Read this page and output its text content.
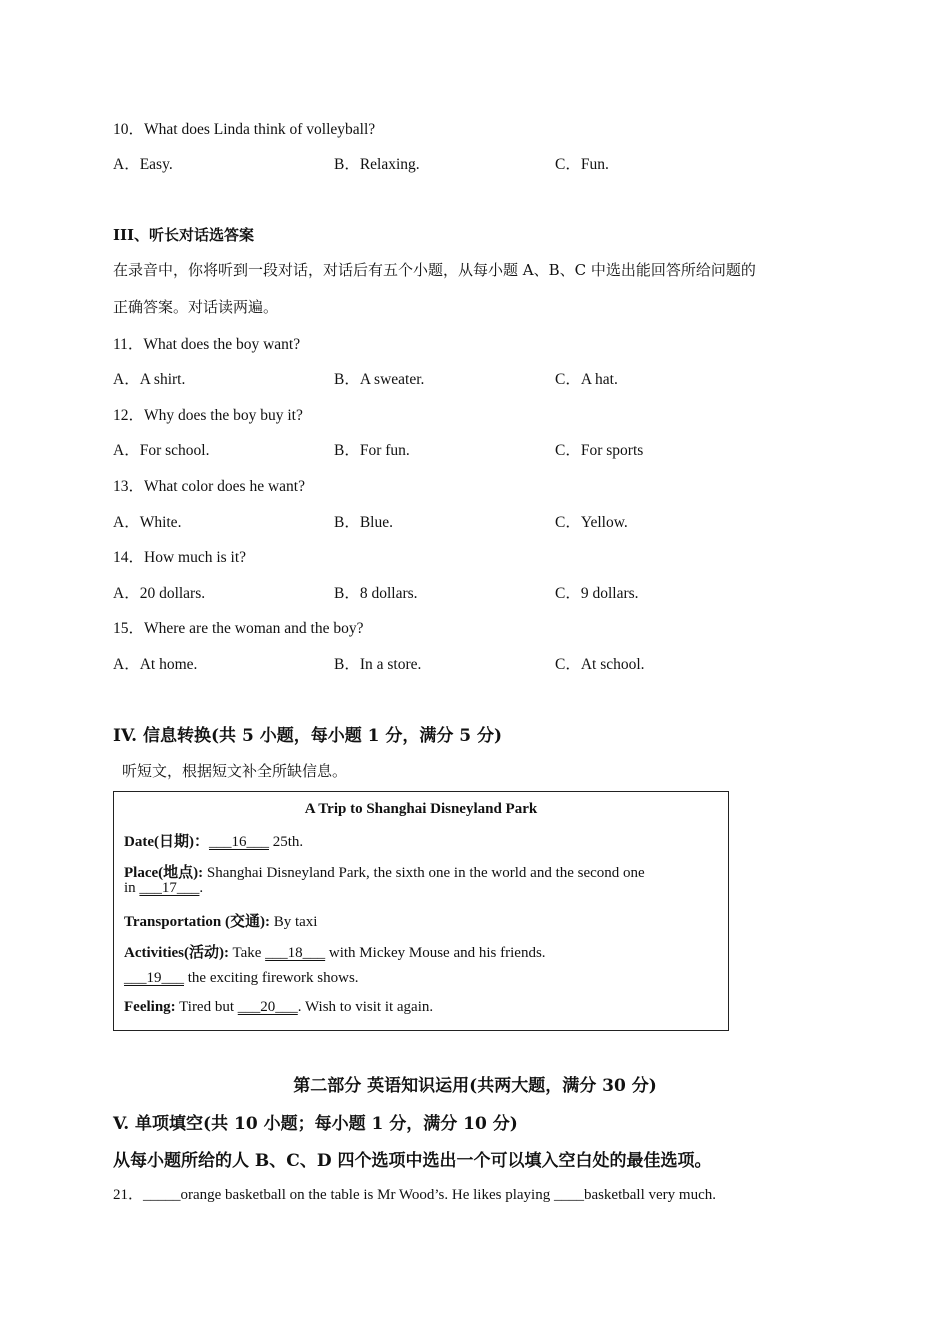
10．What does Linda think of volleyball?
A．Easy.	B．Relaxing.	C．Fun.
III、听长对话选答案
在录音中，你将听到一段对话，对话后有五个小题，从每小题 A、B、C 中选出能回答所给问题的
正确答案。对话读两遍。
11．What does the boy want?
A．A shirt.	B．A sweater.	C．A hat.
12．Why does the boy buy it?
A．For school.	B．For fun.	C．For sports
13．What color does he want?
A．White.	B．Blue.	C．Yellow.
14．How much is it?
A．20 dollars.	B．8 dollars.	C．9 dollars.
15．Where are the woman and the boy?
A．At home.	B．In a store.	C．At school.
IV. 信息转换(共 5 小题，每小题 1 分，满分 5 分)
听短文，根据短文补全所缺信息。
A Trip to Shanghai Disneyland Park
Date(日期)：___16___ 25th.
Place(地点): Shanghai Disneyland Park, the sixth one in the world and the second one
in ___17___.
Transportation (交通): By taxi
Activities(活动): Take ___18___ with Mickey Mouse and his friends.
___19___ the exciting firework shows.
Feeling: Tired but ___20___. Wish to visit it again.
第二部分 英语知识运用(共两大题，满分 30 分)
V. 单项填空(共 10 小题；每小题 1 分，满分 10 分)
从每小题所给的人 B、C、D 四个选项中选出一个可以填入空白处的最佳选项。
21．_____orange basketball on the table is Mr Wood’s. He likes playing ____basketball very much.
